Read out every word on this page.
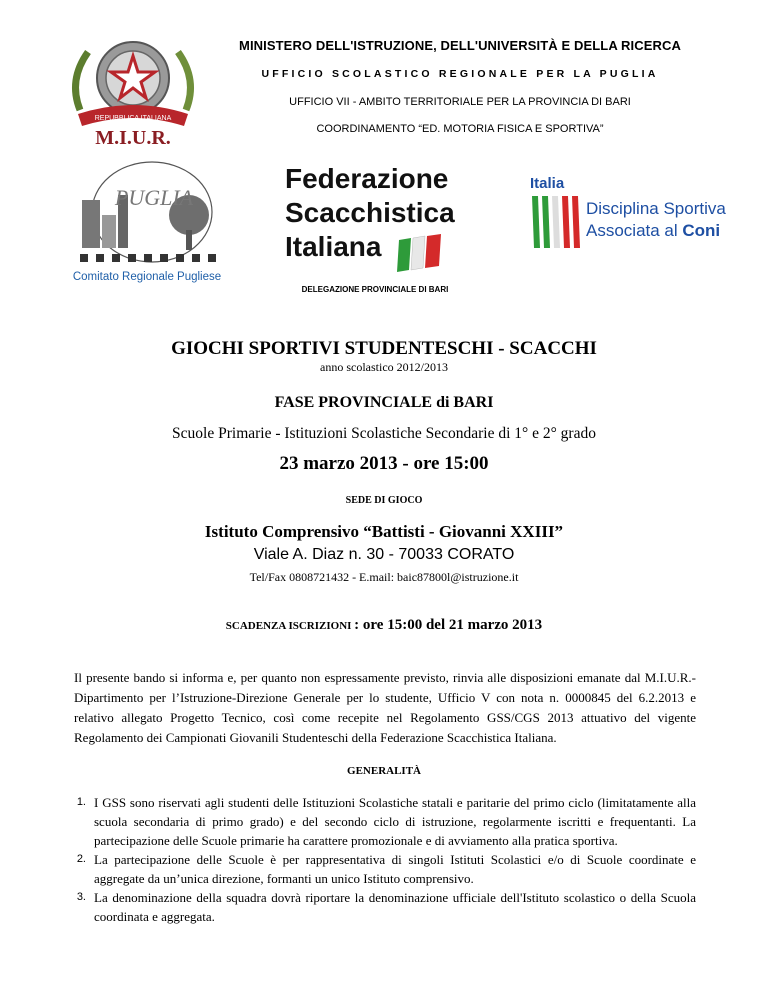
REPUBBLICA ITALIANA
M.I.U.R.
MINISTERO DELL'ISTRUZIONE, DELL'UNIVERSITÀ E DELLA RICERCA
UFFICIO SCOLASTICO REGIONALE PER LA PUGLIA
UFFICIO VII - AMBITO TERRITORIALE PER LA PROVINCIA DI BARI
COORDINAMENTO “ED. MOTORIA FISICA E SPORTIVA”
PUGLIA
Comitato Regionale Pugliese
Federazione
Scacchistica
Italiana
Italia
Disciplina Sportiva
Associata al Coni
DELEGAZIONE PROVINCIALE DI BARI
GIOCHI SPORTIVI STUDENTESCHI - SCACCHI
anno scolastico 2012/2013
FASE PROVINCIALE di BARI
Scuole Primarie - Istituzioni Scolastiche Secondarie di 1° e 2° grado
23 marzo 2013 - ore 15:00
SEDE DI GIOCO
Istituto Comprensivo “Battisti - Giovanni XXIII”
Viale A. Diaz n. 30 - 70033 CORATO
Tel/Fax 0808721432 - E.mail: baic87800l@istruzione.it
SCADENZA ISCRIZIONI : ore 15:00 del 21 marzo 2013
Il presente bando si informa e, per quanto non espressamente previsto, rinvia alle disposizioni emanate dal M.I.U.R.-Dipartimento per l’Istruzione-Direzione Generale per lo studente, Ufficio V con nota n. 0000845 del 6.2.2013 e relativo allegato Progetto Tecnico, così come recepite nel Regolamento GSS/CGS 2013 attuativo del vigente Regolamento dei Campionati Giovanili Studenteschi della Federazione Scacchistica Italiana.
GENERALITÀ
1. I GSS sono riservati agli studenti delle Istituzioni Scolastiche statali e paritarie del primo ciclo (limitatamente alla scuola secondaria di primo grado) e del secondo ciclo di istruzione, regolarmente iscritti e frequentanti. La partecipazione delle Scuole primarie ha carattere promozionale e di avviamento alla pratica sportiva.
2. La partecipazione delle Scuole è per rappresentativa di singoli Istituti Scolastici e/o di Scuole coordinate e aggregate da un’unica direzione, formanti un unico Istituto comprensivo.
3. La denominazione della squadra dovrà riportare la denominazione ufficiale dell'Istituto scolastico o della Scuola coordinata e aggregata.
